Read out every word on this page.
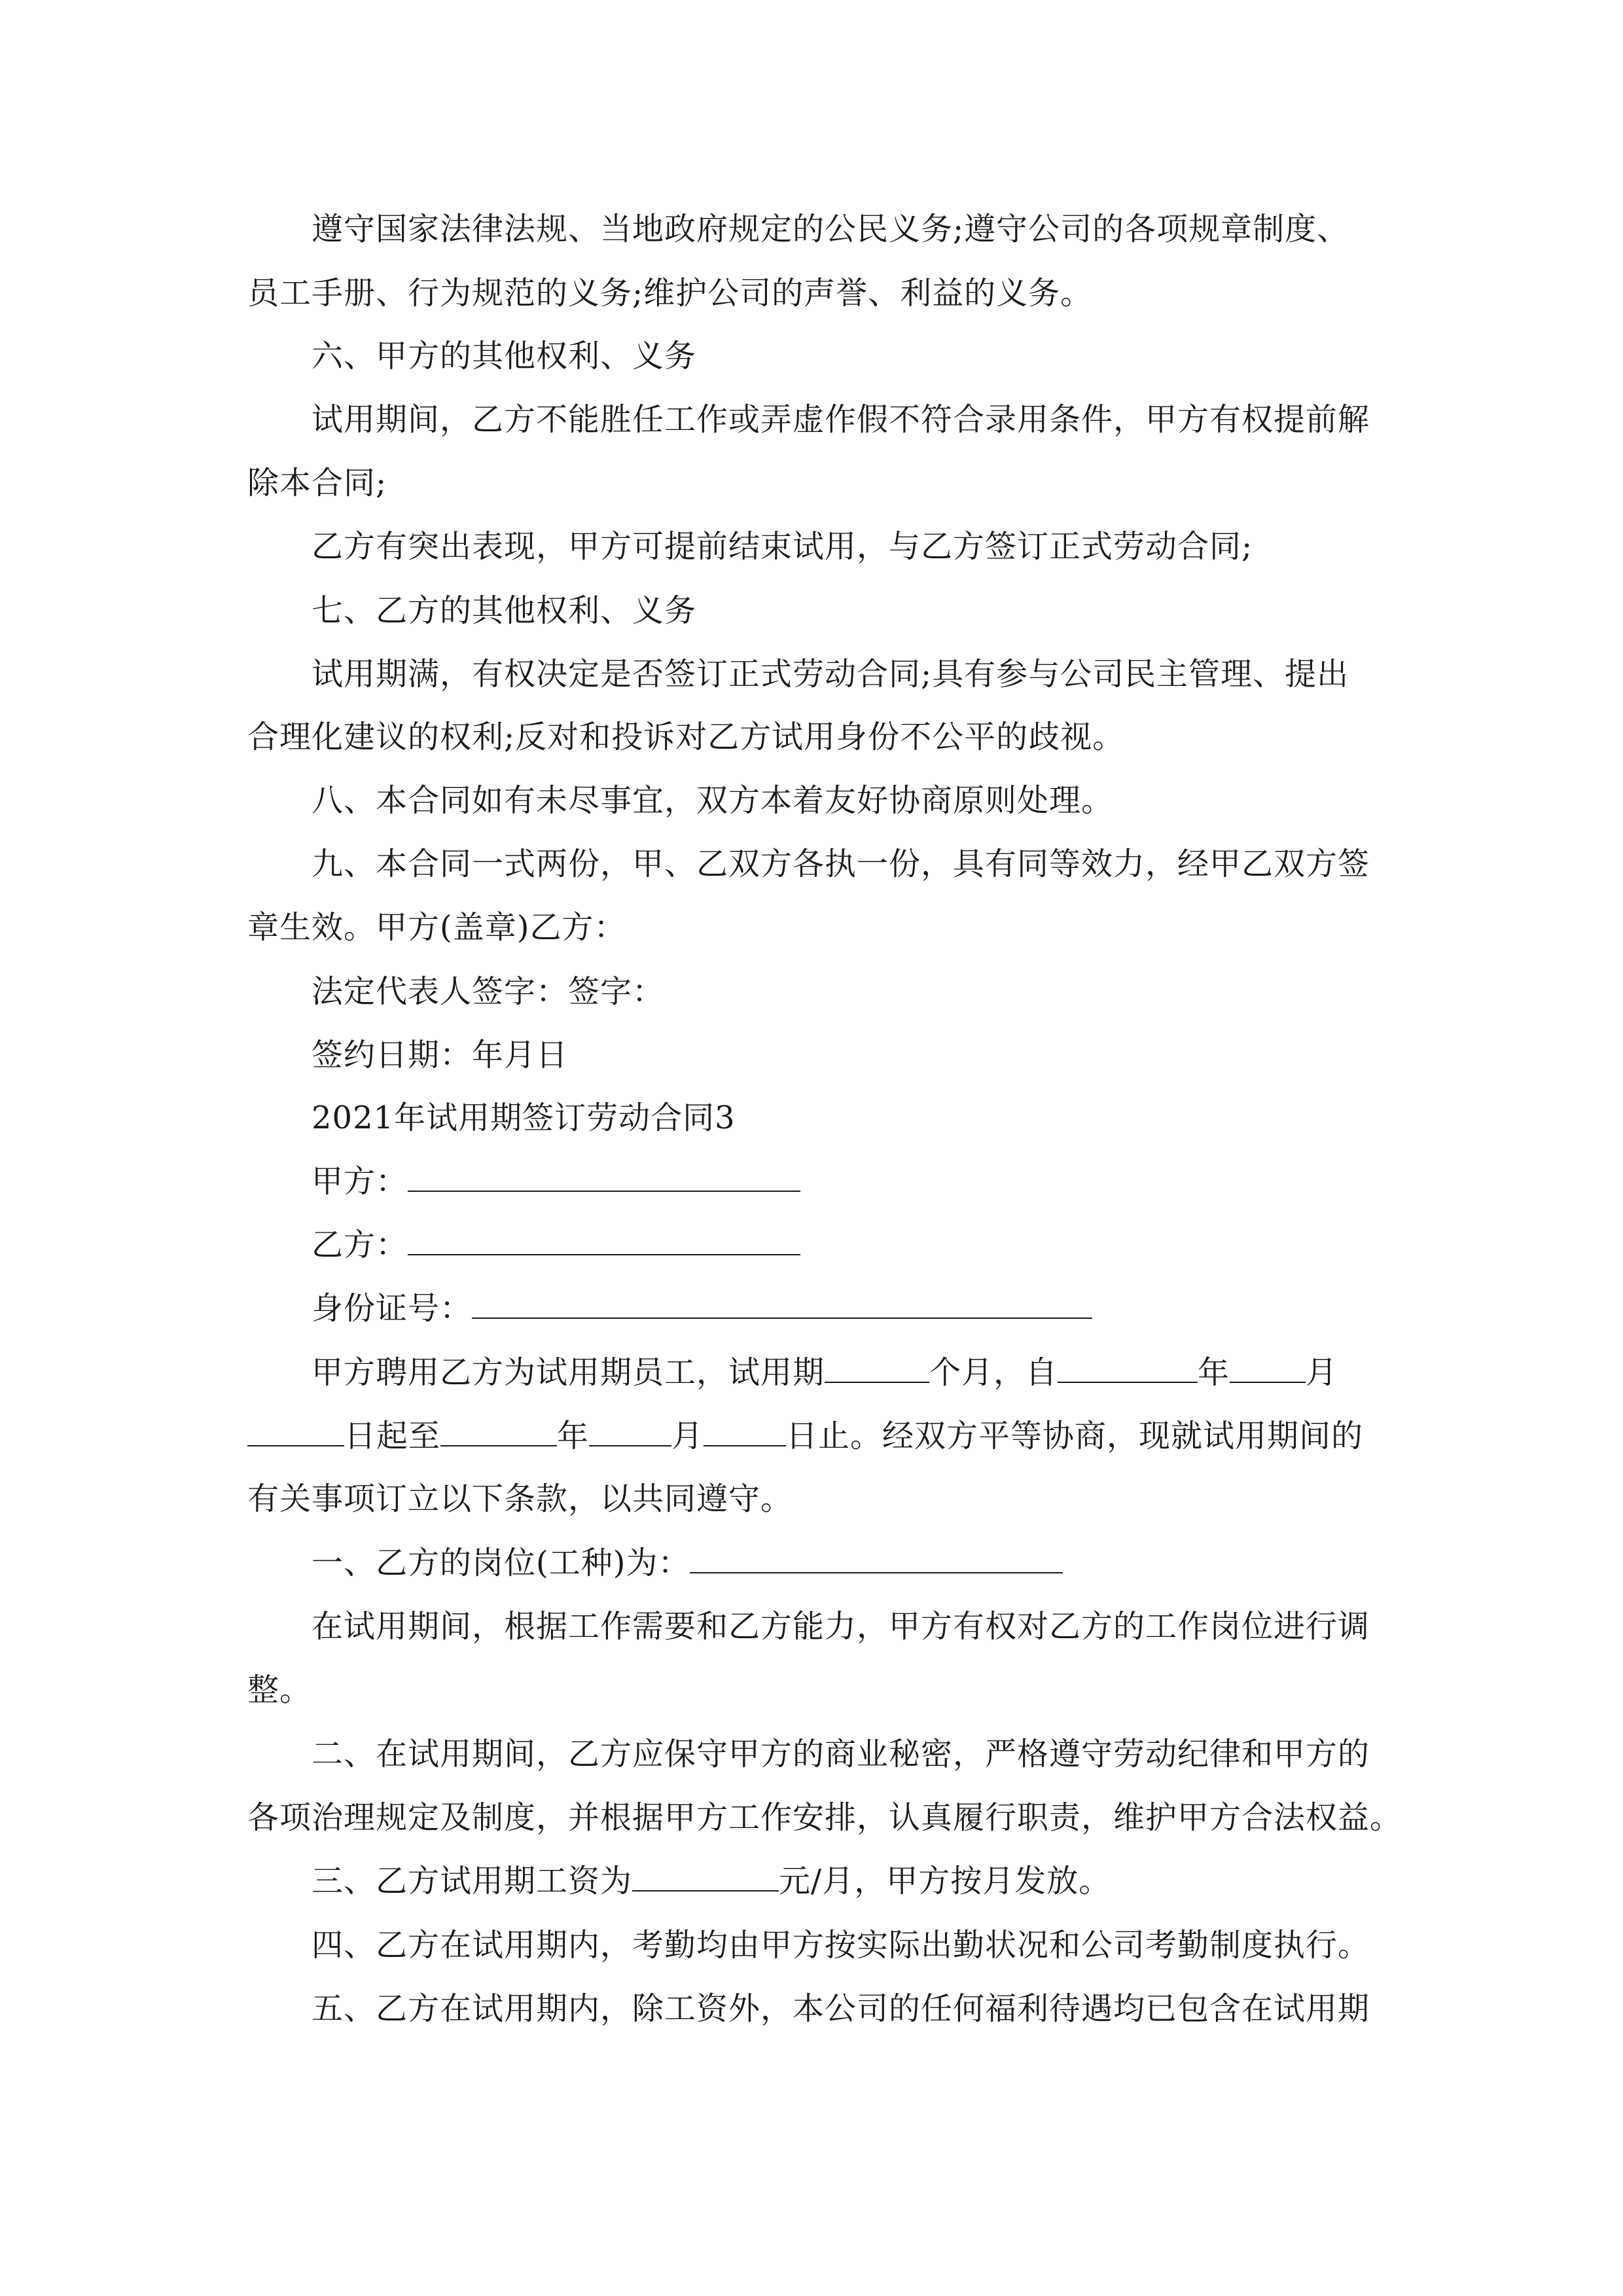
遵守国家法律法规、当地政府规定的公民义务;遵守公司的各项规章制度、
员工手册、行为规范的义务;维护公司的声誉、利益的义务。
六、甲方的其他权利、义务
试用期间，乙方不能胜任工作或弄虚作假不符合录用条件，甲方有权提前解
除本合同;
乙方有突出表现，甲方可提前结束试用，与乙方签订正式劳动合同;
七、乙方的其他权利、义务
试用期满，有权决定是否签订正式劳动合同;具有参与公司民主管理、提出
合理化建议的权利;反对和投诉对乙方试用身份不公平的歧视。
八、本合同如有未尽事宜，双方本着友好协商原则处理。
九、本合同一式两份，甲、乙双方各执一份，具有同等效力，经甲乙双方签
章生效。甲方(盖章)乙方：
法定代表人签字：签字：
签约日期：年月日
2021年试用期签订劳动合同3
甲方：
乙方：
身份证号：
甲方聘用乙方为试用期员工，试用期	个月，自	年 月
日起至	年	月	日止。经双方平等协商，现就试用期间的
有关事项订立以下条款，以共同遵守。
一、乙方的岗位(工种)为：
在试用期间，根据工作需要和乙方能力，甲方有权对乙方的工作岗位进行调
整。
二、在试用期间，乙方应保守甲方的商业秘密，严格遵守劳动纪律和甲方的
各项治理规定及制度，并根据甲方工作安排，认真履行职责，维护甲方合法权益。
三、乙方试用期工资为	元/月，甲方按月发放。
四、乙方在试用期内，考勤均由甲方按实际出勤状况和公司考勤制度执行。
五、乙方在试用期内，除工资外，本公司的任何福利待遇均已包含在试用期
